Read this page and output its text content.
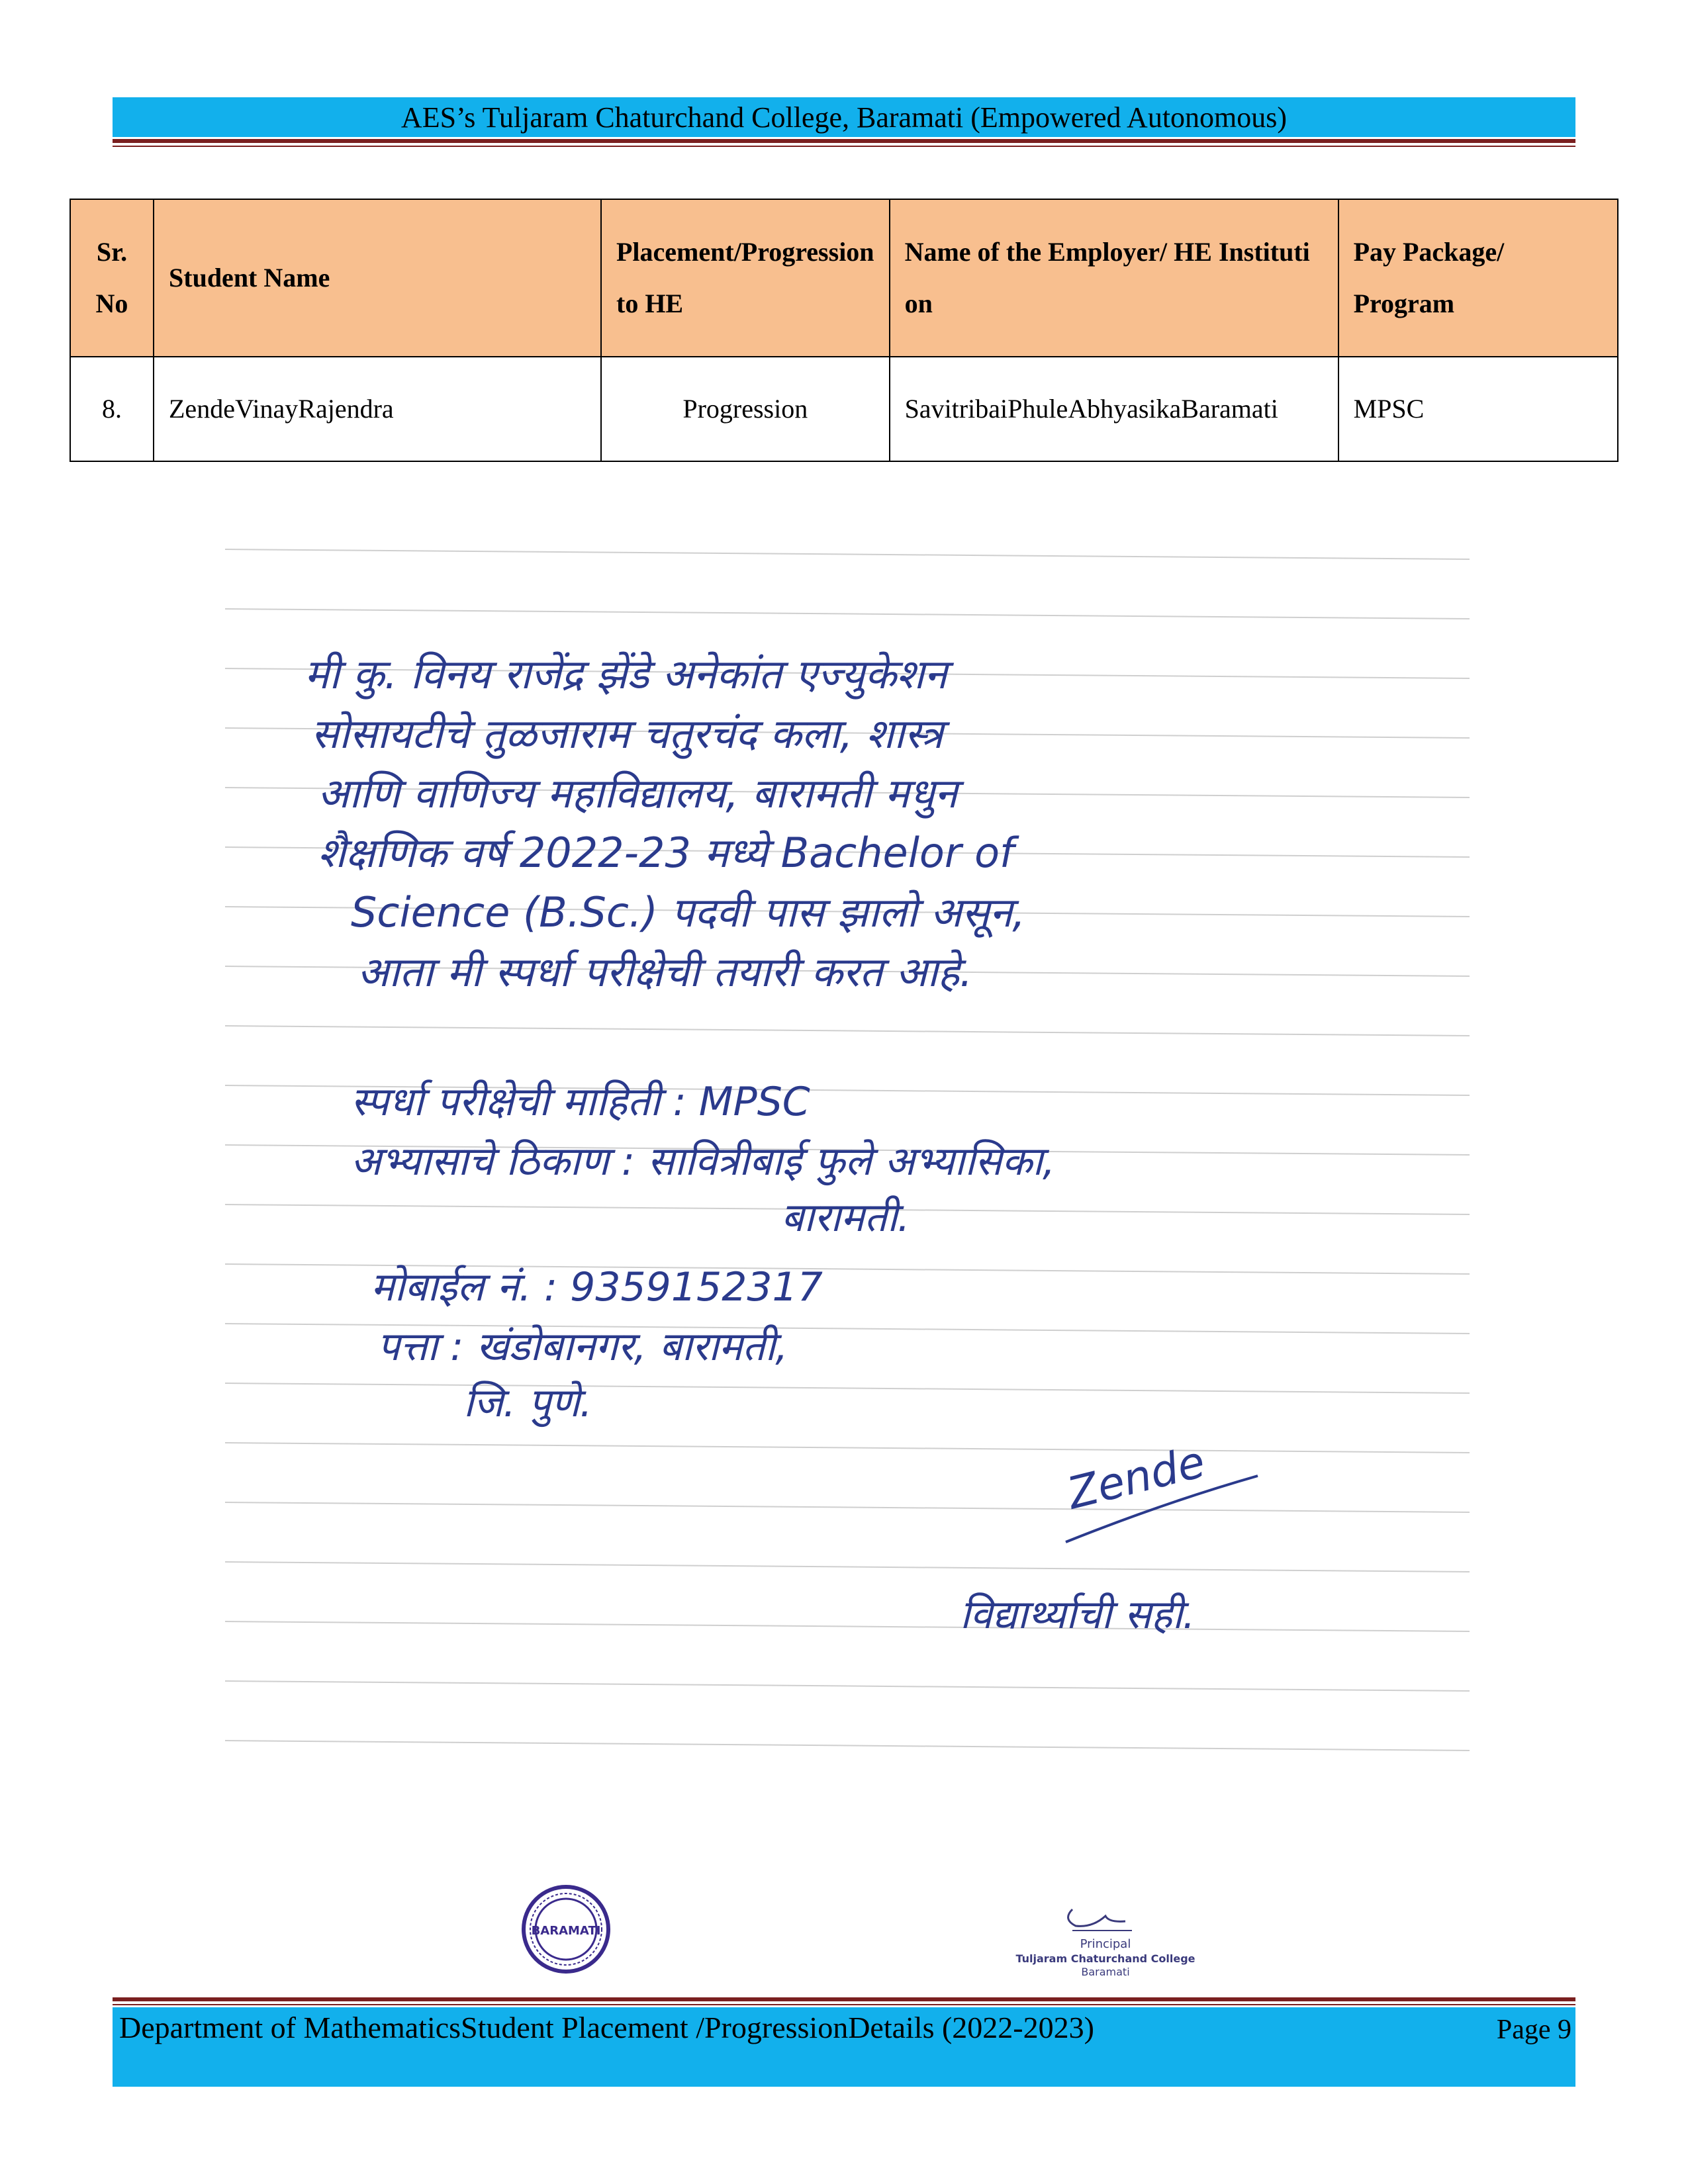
AES’s Tuljaram Chaturchand College, Baramati (Empowered Autonomous)
Sr. No	Student Name	Placement/Progression to HE	Name of the Employer/ HE Institution	Pay Package/ Program
8.	ZendeVinayRajendra	Progression	SavitribaiPhuleAbhyasikaBaramati	MPSC
मी कु. विनय राजेंद्र झेंडे अनेकांत एज्युकेशन
सोसायटीचे तुळजाराम चतुरचंद कला, शास्त्र
आणि वाणिज्य महाविद्यालय, बारामती मधुन
शैक्षणिक वर्ष 2022-23 मध्ये Bachelor of
Science (B.Sc.) पदवी पास झालो असून,
आता मी स्पर्धा परीक्षेची तयारी करत आहे.
स्पर्धा परीक्षेची माहिती : MPSC
अभ्यासाचे ठिकाण : सावित्रीबाई फुले अभ्यासिका,
बारामती.
मोबाईल नं. : 9359152317
पत्ता : खंडोबानगर, बारामती,
जि. पुणे.
Zende
विद्यार्थ्याची सही.
BARAMATI
Principal
Tuljaram Chaturchand College
Baramati
Department of MathematicsStudent Placement /ProgressionDetails (2022-2023)	Page 9
